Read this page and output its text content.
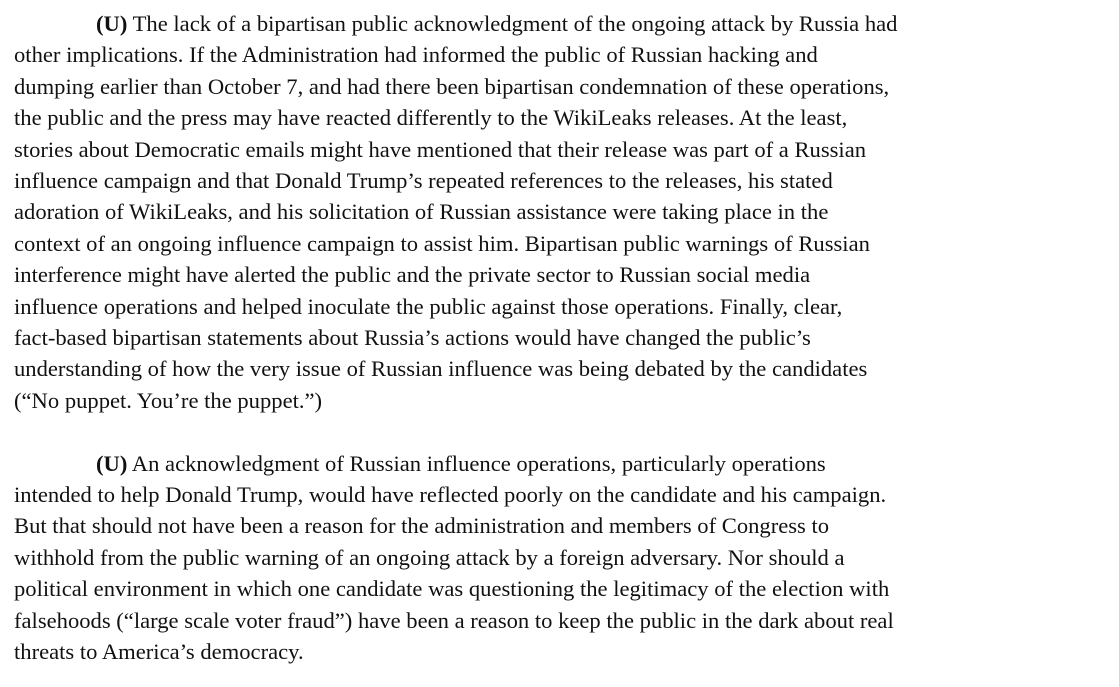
(U) The lack of a bipartisan public acknowledgment of the ongoing attack by Russia had
other implications. If the Administration had informed the public of Russian hacking and
dumping earlier than October 7, and had there been bipartisan condemnation of these operations,
the public and the press may have reacted differently to the WikiLeaks releases. At the least,
stories about Democratic emails might have mentioned that their release was part of a Russian
influence campaign and that Donald Trump’s repeated references to the releases, his stated
adoration of WikiLeaks, and his solicitation of Russian assistance were taking place in the
context of an ongoing influence campaign to assist him. Bipartisan public warnings of Russian
interference might have alerted the public and the private sector to Russian social media
influence operations and helped inoculate the public against those operations. Finally, clear,
fact-based bipartisan statements about Russia’s actions would have changed the public’s
understanding of how the very issue of Russian influence was being debated by the candidates
(“No puppet. You’re the puppet.”)
(U) An acknowledgment of Russian influence operations, particularly operations
intended to help Donald Trump, would have reflected poorly on the candidate and his campaign.
But that should not have been a reason for the administration and members of Congress to
withhold from the public warning of an ongoing attack by a foreign adversary. Nor should a
political environment in which one candidate was questioning the legitimacy of the election with
falsehoods (“large scale voter fraud”) have been a reason to keep the public in the dark about real
threats to America’s democracy.
